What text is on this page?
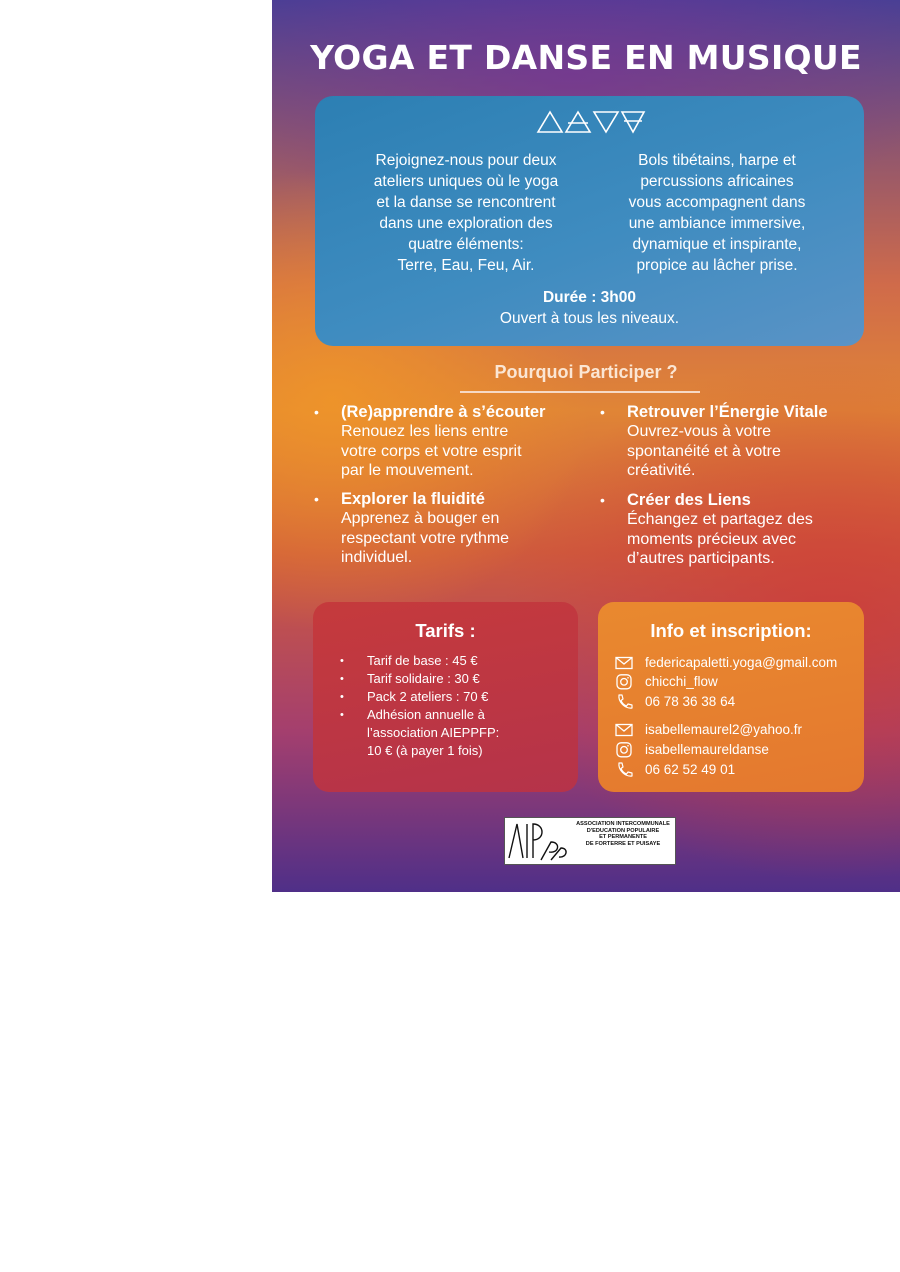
YOGA ET DANSE EN MUSIQUE
Rejoignez-nous pour deux
ateliers uniques où le yoga
et la danse se rencontrent
dans une exploration des
quatre éléments:
Terre, Eau, Feu, Air.
Bols tibétains, harpe et
percussions africaines
vous accompagnent dans
une ambiance immersive,
dynamique et inspirante,
propice au lâcher prise.
Durée : 3h00
Ouvert à tous les niveaux.
Pourquoi Participer ?
• (Re)apprendre à s’écouter
Renouez les liens entre
votre corps et votre esprit
par le mouvement.
• Retrouver l’Énergie Vitale
Ouvrez-vous à votre
spontanéité et à votre
créativité.
• Explorer la fluidité
Apprenez à bouger en
respectant votre rythme
individuel.
• Créer des Liens
Échangez et partagez des
moments précieux avec
d’autres participants.
Tarifs :
• Tarif de base : 45 €
• Tarif solidaire : 30 €
• Pack 2 ateliers : 70 €
• Adhésion annuelle à
l’association AIEPPFP:
10 € (à payer 1 fois)
Info et inscription:
federicapaletti.yoga@gmail.com
chicchi_flow
06 78 36 38 64
isabellemaurel2@yahoo.fr
isabellemaureldanse
06 62 52 49 01
ASSOCIATION INTERCOMMUNALE
D'EDUCATION POPULAIRE
ET PERMANENTE
DE FORTERRE ET PUISAYE
